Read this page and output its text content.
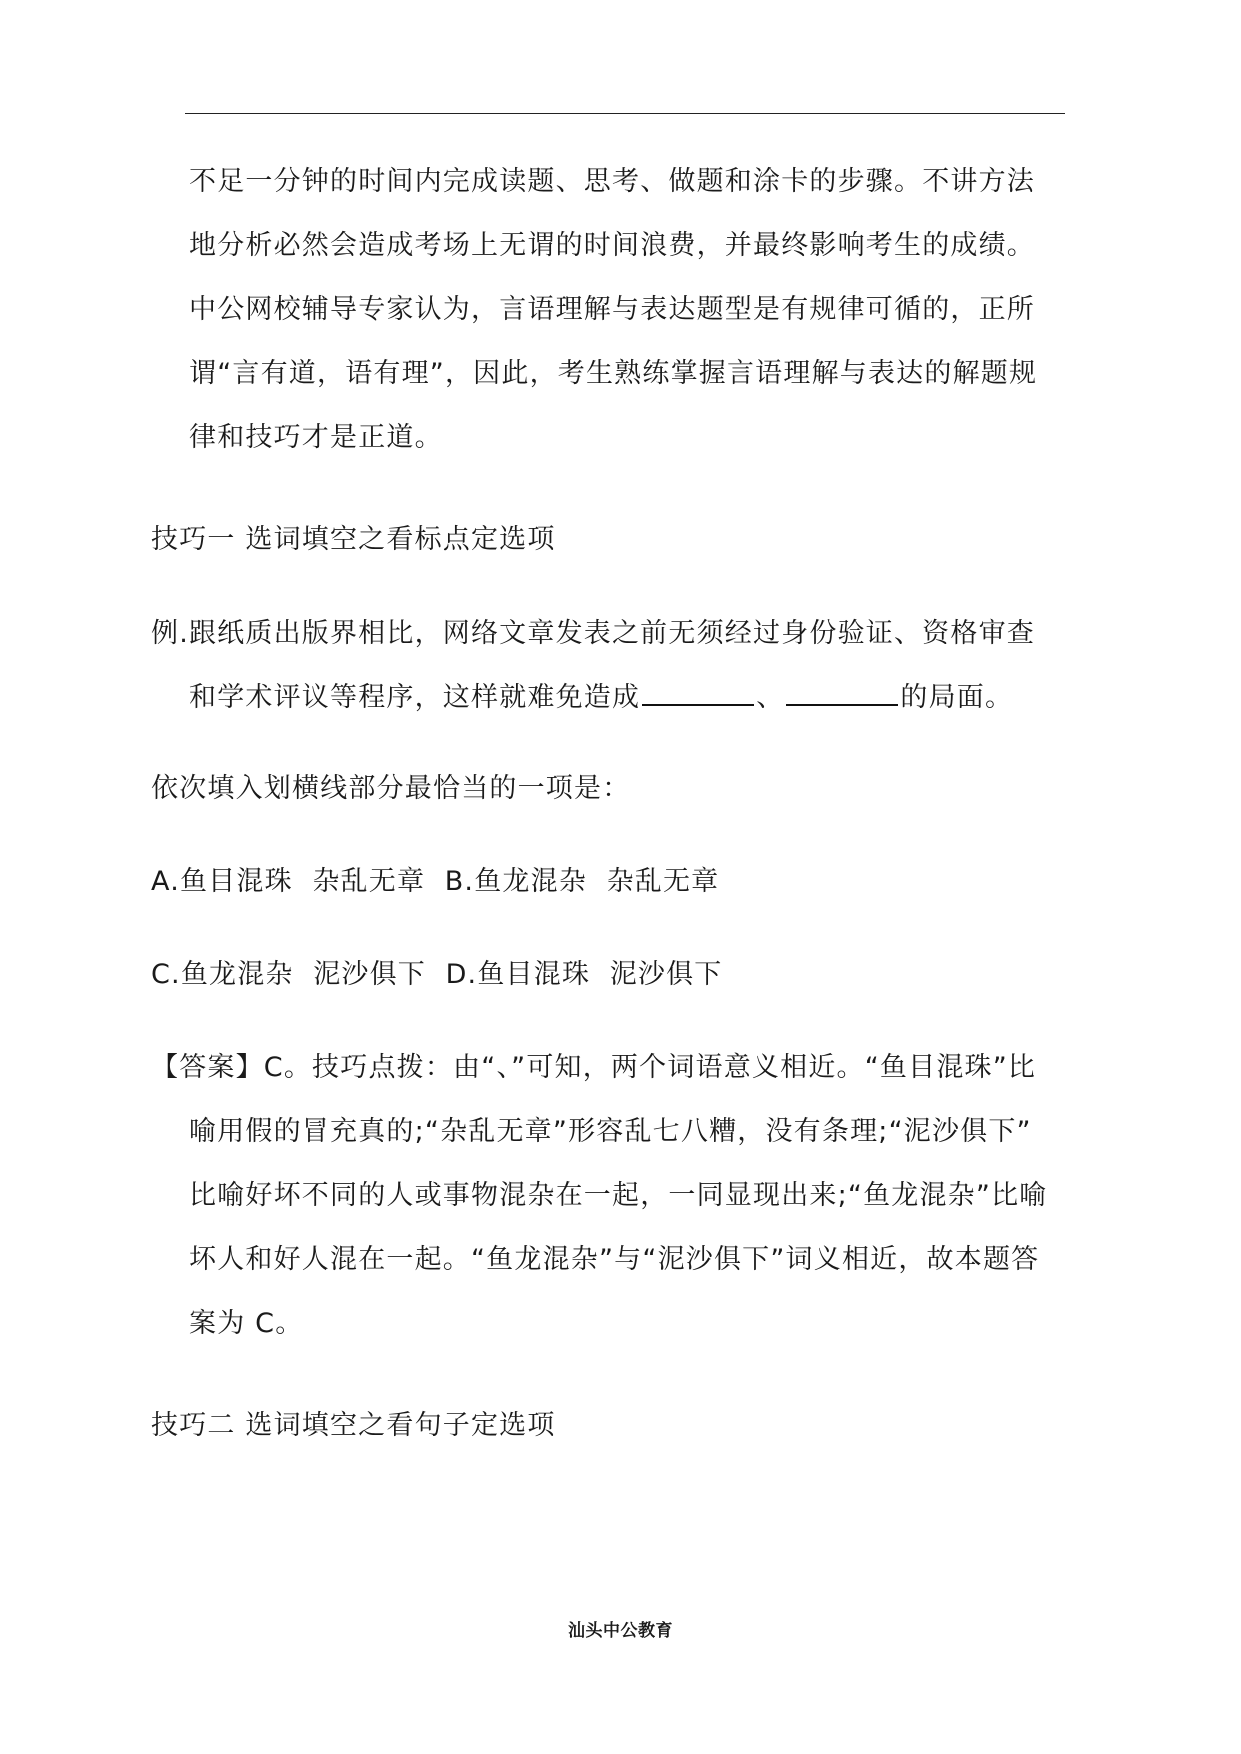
不足一分钟的时间内完成读题、思考、做题和涂卡的步骤。不讲方法
地分析必然会造成考场上无谓的时间浪费，并最终影响考生的成绩。
中公网校辅导专家认为，言语理解与表达题型是有规律可循的，正所
谓“言有道，语有理”，因此，考生熟练掌握言语理解与表达的解题规
律和技巧才是正道。
技巧一 选词填空之看标点定选项
例.跟纸质出版界相比，网络文章发表之前无须经过身份验证、资格审查
和学术评议等程序，这样就难免造成	、	的局面。
依次填入划横线部分最恰当的一项是：
A.鱼目混珠  杂乱无章  B.鱼龙混杂  杂乱无章
C.鱼龙混杂  泥沙俱下  D.鱼目混珠  泥沙俱下
【答案】C。技巧点拨：由“、”可知，两个词语意义相近。“鱼目混珠”比
喻用假的冒充真的;“杂乱无章”形容乱七八糟，没有条理;“泥沙俱下”
比喻好坏不同的人或事物混杂在一起，一同显现出来;“鱼龙混杂”比喻
坏人和好人混在一起。“鱼龙混杂”与“泥沙俱下”词义相近，故本题答
案为 C。
技巧二 选词填空之看句子定选项
汕头中公教育
